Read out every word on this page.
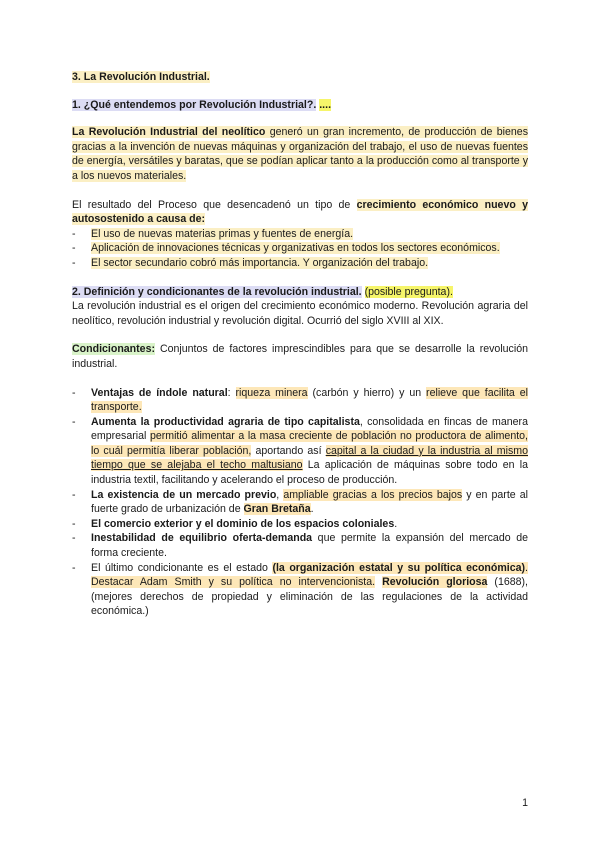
3. La Revolución Industrial.
1. ¿Qué entendemos por Revolución Industrial?. ....

La Revolución Industrial del neolítico generó un gran incremento, de producción de bienes gracias a la invención de nuevas máquinas y organización del trabajo, el uso de nuevas fuentes de energía, versátiles y baratas, que se podían aplicar tanto a la producción como al transporte y a los nuevos materiales.

El resultado del Proceso que desencadenó un tipo de crecimiento económico nuevo y autosostenido a causa de:

- El uso de nuevas materias primas y fuentes de energía.
- Aplicación de innovaciones técnicas y organizativas en todos los sectores económicos.
- El sector secundario cobró más importancia. Y organización del trabajo.
2. Definición y condicionantes de la revolución industrial. (posible pregunta).

La revolución industrial es el origen del crecimiento económico moderno. Revolución agraria del neolítico, revolución industrial y revolución digital. Ocurrió del siglo XVIII al XIX.

Condicionantes: Conjuntos de factores imprescindibles para que se desarrolle la revolución industrial.

- Ventajas de índole natural: riqueza minera (carbón y hierro) y un relieve que facilita el transporte.
- Aumenta la productividad agraria de tipo capitalista, consolidada en fincas de manera empresarial permitió alimentar a la masa creciente de población no productora de alimento, lo cuál permitía liberar población, aportando así capital a la ciudad y la industria al mismo tiempo que se alejaba el techo maltusiano La aplicación de máquinas sobre todo en la industria textil, facilitando y acelerando el proceso de producción.
- La existencia de un mercado previo, ampliable gracias a los precios bajos y en parte al fuerte grado de urbanización de Gran Bretaña.
- El comercio exterior y el dominio de los espacios coloniales.
- Inestabilidad de equilibrio oferta-demanda que permite la expansión del mercado de forma creciente.
- El último condicionante es el estado (la organización estatal y su política económica). Destacar Adam Smith y su política no intervencionista. Revolución gloriosa (1688), (mejores derechos de propiedad y eliminación de las regulaciones de la actividad económica.)
1
